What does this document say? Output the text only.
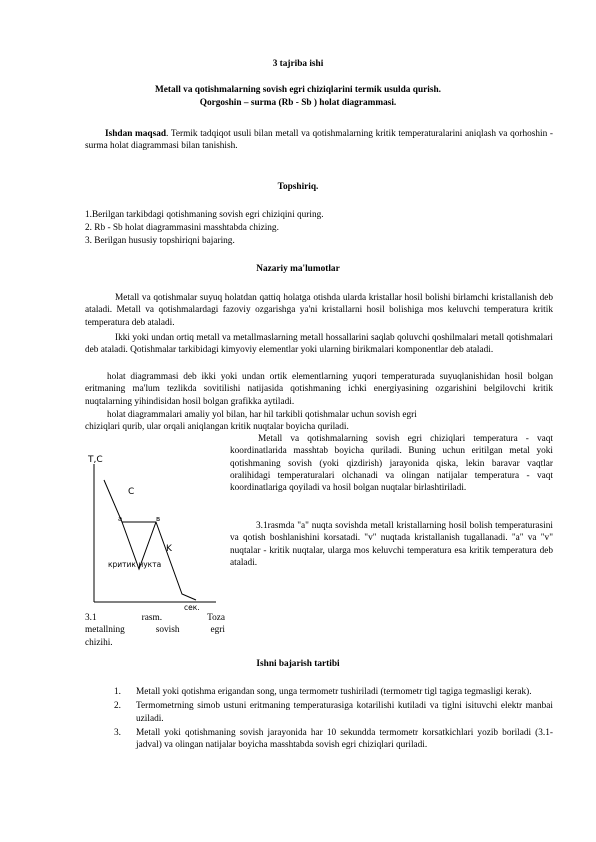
3 tajriba ishi
Metall va qotishmalarning sovish egri chiziqlarini termik usulda qurish.
Qorgoshin – surma (Rb - Sb ) holat diagrammasi.

Ishdan maqsad. Termik tadqiqot usuli bilan metall va qotishmalarning kritik temperaturalarini aniqlash va qorhoshin - surma holat diagrammasi bilan tanishish.

Topshiriq.
1.Berilgan tarkibdagi qotishmaning sovish egri chiziqini quring.
2. Rb - Sb holat diagrammasini masshtabda chizing.
3. Berilgan hususiy topshiriqni bajaring.
Nazariy ma'lumotlar

Metall va qotishmalar suyuq holatdan qattiq holatga otishda ularda kristallar hosil bolishi birlamchi kristallanish deb ataladi. Metall va qotishmalardagi fazoviy ozgarishga ya'ni kristallarni hosil bolishiga mos keluvchi temperatura kritik temperatura deb ataladi.

Ikki yoki undan ortiq metall va metallmaslarning metall hossallarini saqlab qoluvchi qoshilmalari metall qotishmalari deb ataladi. Qotishmalar tarkibidagi kimyoviy elementlar yoki ularning birikmalari komponentlar deb ataladi.

holat diagrammasi deb ikki yoki undan ortik elementlarning yuqori temperaturada suyuqlanishidan hosil bolgan eritmaning ma'lum tezlikda sovitilishi natijasida qotishmaning ichki energiyasining ozgarishini belgilovchi kritik nuqtalarning yihindisidan hosil bolgan grafikka aytiladi.

holat diagrammalari amaliy yol bilan, har hil tarkibli qotishmalar uchun sovish egri

chiziqlari qurib, ular orqali aniqlangan kritik nuqtalar boyicha quriladi.

Metall va qotishmalarning sovish egri chiziqlari temperatura - vaqt koordinatlarida masshtab boyicha quriladi. Buning uchun eritilgan metal yoki qotishmaning sovish (yoki qizdirish) jarayonida qiska, lekin baravar vaqtlar oralihidagi temperaturalari olchanadi va olingan natijalar temperatura - vaqt koordinatlariga qoyiladi va hosil bolgan nuqtalar birlashtiriladi.

3.1rasmda "a" nuqta sovishda metall kristallarning hosil bolish temperaturasini va qotish boshlanishini korsatadi. "v" nuqtada kristallanish tugallanadi. "a" va "v" nuqtalar - kritik nuqtalar, ularga mos keluvchi temperatura esa kritik temperatura deb ataladi.

T,C
сек.
C
a	в
K
критик нукта
3.1	rasm.	Toza
metallning	sovish	egri
chizihi.
Ishni bajarish tartibi
1. Metall yoki qotishma erigandan song, unga termometr tushiriladi (termometr tigl tagiga tegmasligi kerak).
2. Termometrning simob ustuni eritmaning temperaturasiga kotarilishi kutiladi va tiglni isituvchi elektr manbai uziladi.
3. Metall yoki qotishmaning sovish jarayonida har 10 sekundda termometr korsatkichlari yozib boriladi (3.1-jadval) va olingan natijalar boyicha masshtabda sovish egri chiziqlari quriladi.
